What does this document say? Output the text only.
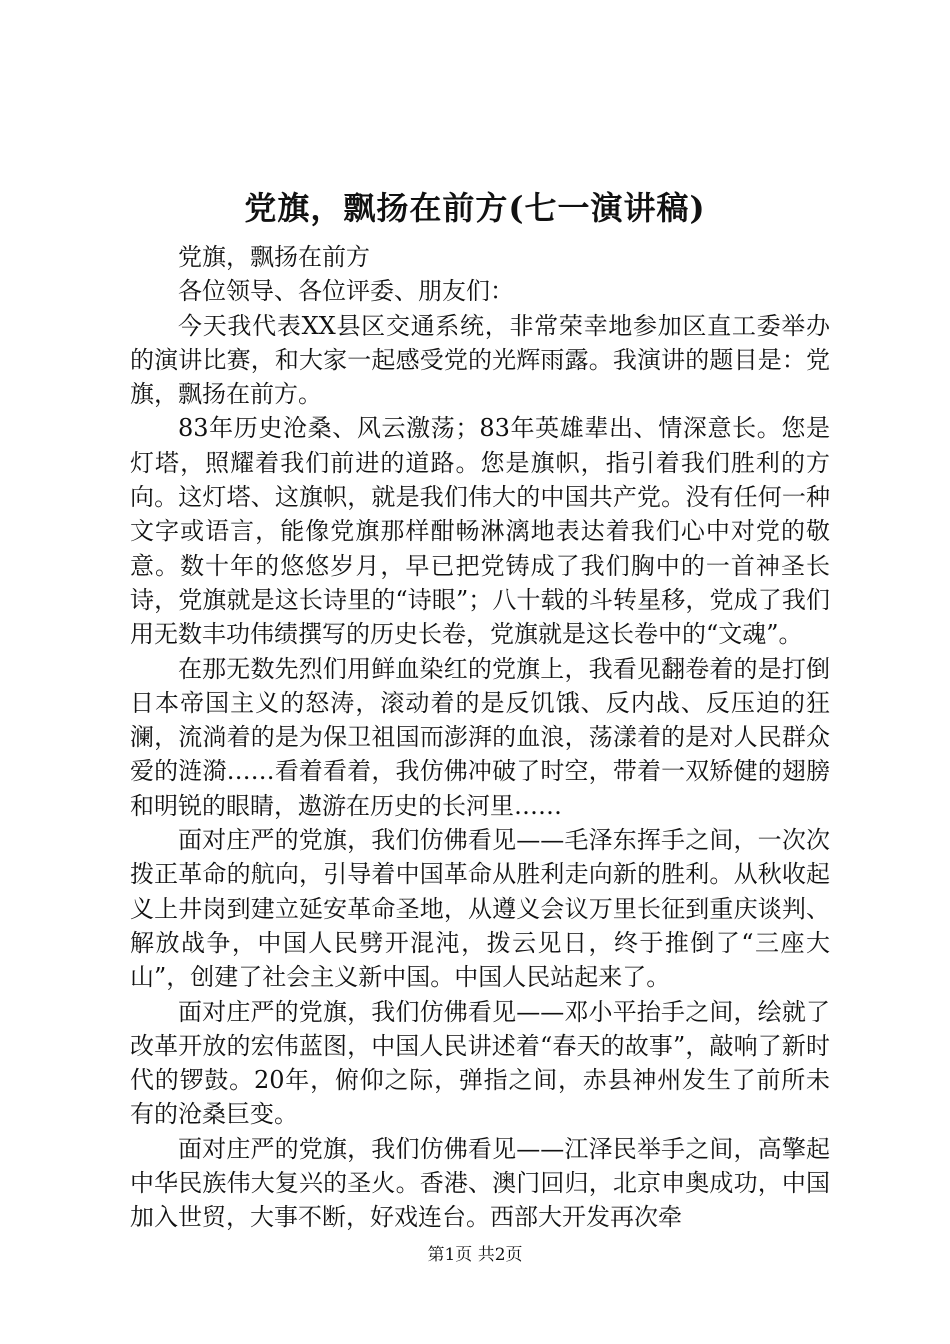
党旗，飘扬在前方(七一演讲稿)

党旗，飘扬在前方

各位领导、各位评委、朋友们：

今天我代表XX县区交通系统，非常荣幸地参加区直工委举办的演讲比赛，和大家一起感受党的光辉雨露。我演讲的题目是：党旗，飘扬在前方。

83年历史沧桑、风云激荡；83年英雄辈出、情深意长。您是灯塔，照耀着我们前进的道路。您是旗帜，指引着我们胜利的方向。这灯塔、这旗帜，就是我们伟大的中国共产党。没有任何一种文字或语言，能像党旗那样酣畅淋漓地表达着我们心中对党的敬意。数十年的悠悠岁月，早已把党铸成了我们胸中的一首神圣长诗，党旗就是这长诗里的“诗眼”；八十载的斗转星移，党成了我们用无数丰功伟绩撰写的历史长卷，党旗就是这长卷中的“文魂”。

在那无数先烈们用鲜血染红的党旗上，我看见翻卷着的是打倒日本帝国主义的怒涛，滚动着的是反饥饿、反内战、反压迫的狂澜，流淌着的是为保卫祖国而澎湃的血浪，荡漾着的是对人民群众爱的涟漪……看着看着，我仿佛冲破了时空，带着一双矫健的翅膀和明锐的眼睛，遨游在历史的长河里……

面对庄严的党旗，我们仿佛看见——毛泽东挥手之间，一次次拨正革命的航向，引导着中国革命从胜利走向新的胜利。从秋收起义上井岗到建立延安革命圣地，从遵义会议万里长征到重庆谈判、解放战争，中国人民劈开混沌，拨云见日，终于推倒了“三座大山”，创建了社会主义新中国。中国人民站起来了。

面对庄严的党旗，我们仿佛看见——邓小平抬手之间，绘就了改革开放的宏伟蓝图，中国人民讲述着“春天的故事”，敲响了新时代的锣鼓。20年，俯仰之际，弹指之间，赤县神州发生了前所未有的沧桑巨变。

面对庄严的党旗，我们仿佛看见——江泽民举手之间，高擎起中华民族伟大复兴的圣火。香港、澳门回归，北京申奥成功，中国加入世贸，大事不断，好戏连台。西部大开发再次牵

第1页 共2页
